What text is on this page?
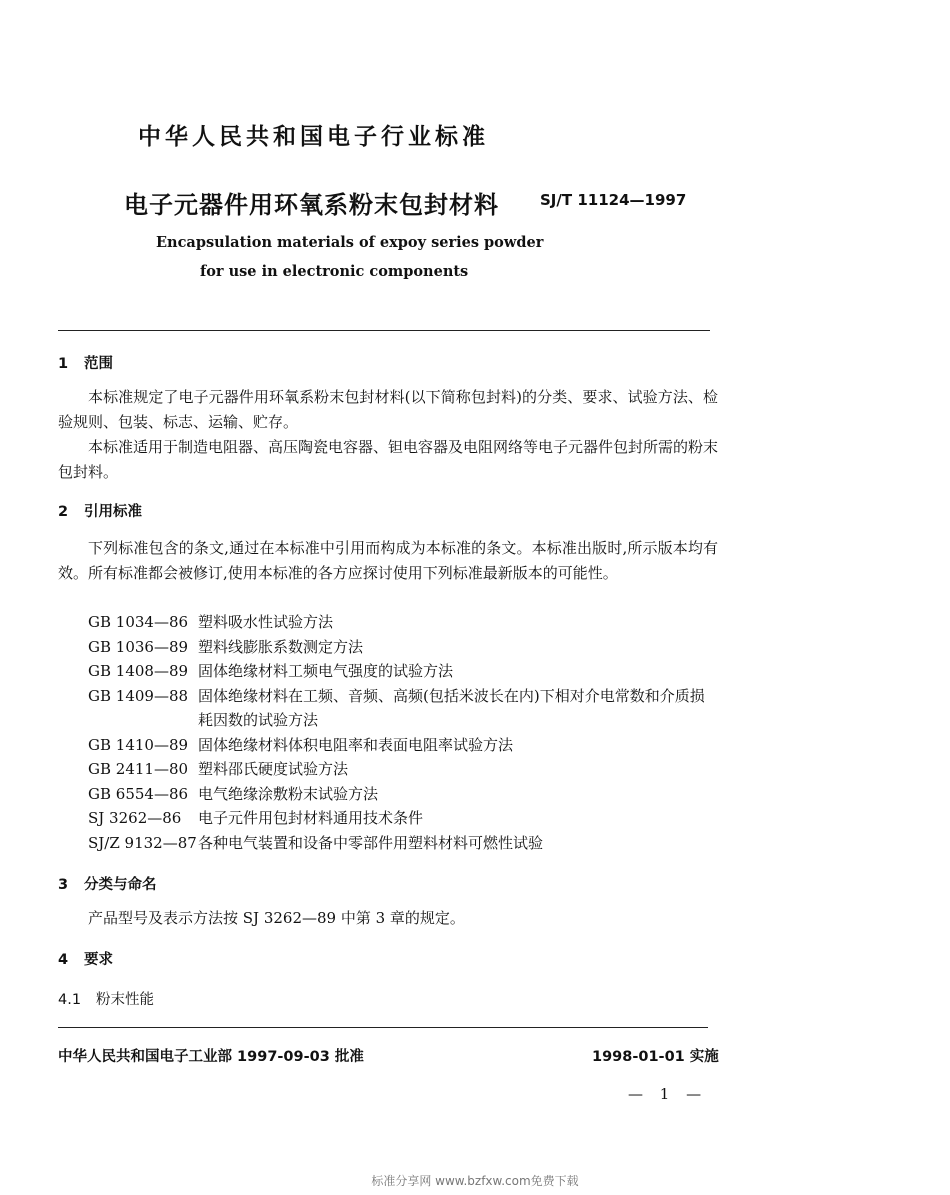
中华人民共和国电子行业标准
电子元器件用环氧系粉末包封材料	SJ/T 11124—1997
Encapsulation materials of expoy series powder
for use in electronic components
1 范围

本标准规定了电子元器件用环氧系粉末包封材料(以下简称包封料)的分类、要求、试验方法、检验规则、包装、标志、运输、贮存。

本标准适用于制造电阻器、高压陶瓷电容器、钽电容器及电阻网络等电子元器件包封所需的粉末包封料。

2 引用标准

下列标准包含的条文,通过在本标准中引用而构成为本标准的条文。本标准出版时,所示版本均有效。所有标准都会被修订,使用本标准的各方应探讨使用下列标准最新版本的可能性。

GB 1034—86 塑料吸水性试验方法
GB 1036—89 塑料线膨胀系数测定方法
GB 1408—89 固体绝缘材料工频电气强度的试验方法
GB 1409—88 固体绝缘材料在工频、音频、高频(包括米波长在内)下相对介电常数和介质损耗因数的试验方法
GB 1410—89 固体绝缘材料体积电阻率和表面电阻率试验方法
GB 2411—80 塑料邵氏硬度试验方法
GB 6554—86 电气绝缘涂敷粉末试验方法
SJ 3262—86	电子元件用包封材料通用技术条件
SJ/Z 9132—87 各种电气装置和设备中零部件用塑料材料可燃性试验
3 分类与命名

产品型号及表示方法按 SJ 3262—89 中第 3 章的规定。

4 要求
4.1 粉末性能
中华人民共和国电子工业部 1997-09-03 批准	1998-01-01 实施
— 1 —
标准分享网 www.bzfxw.com免费下载
